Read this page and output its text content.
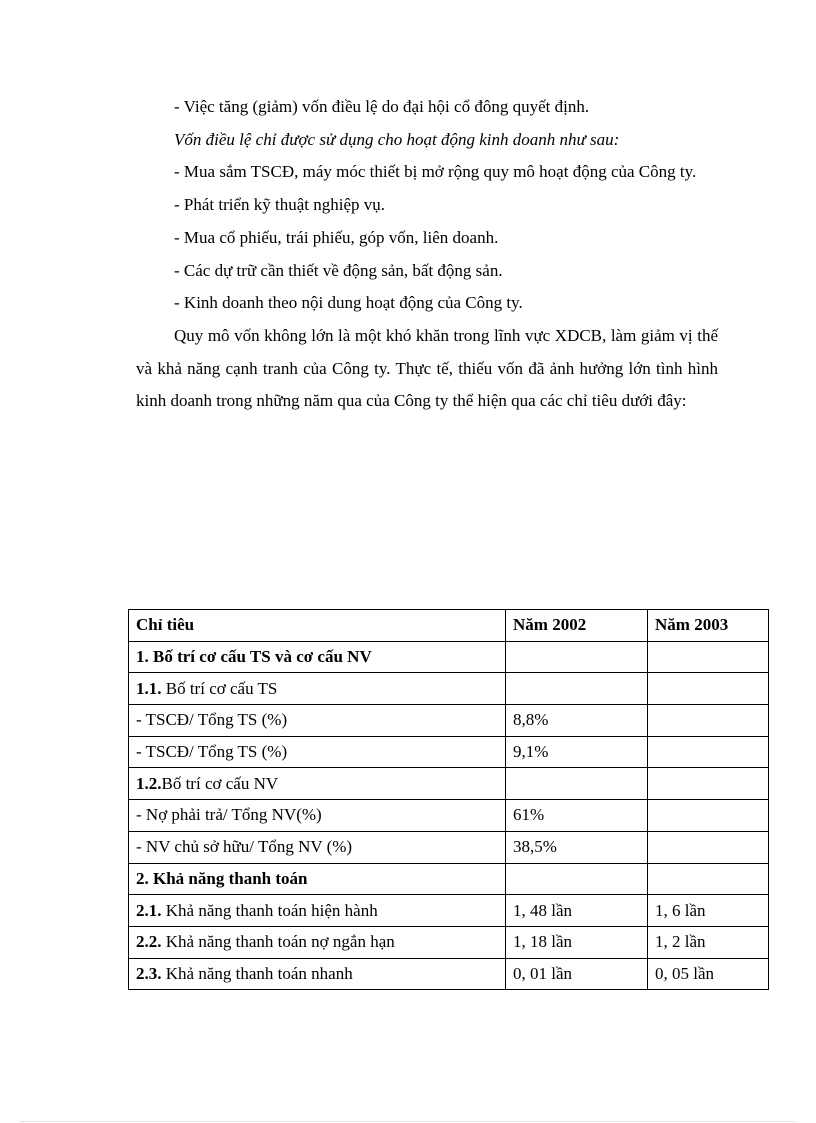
- Việc tăng (giảm) vốn điều lệ do đại hội cổ đông quyết định.

Vốn điều lệ chỉ được sử dụng cho hoạt động kinh doanh như sau:

- Mua sắm TSCĐ, máy móc thiết bị mở rộng quy mô hoạt động của Công ty.

- Phát triển kỹ thuật nghiệp vụ.

- Mua cổ phiếu, trái phiếu, góp vốn, liên doanh.

- Các dự trữ cần thiết về động sản, bất động sản.

- Kinh doanh theo nội dung hoạt động của Công ty.

Quy mô vốn không lớn là một khó khăn trong lĩnh vực XDCB, làm giảm vị thế và khả năng cạnh tranh của Công ty. Thực tế, thiếu vốn đã ảnh hưởng lớn tình hình kinh doanh trong những năm qua của Công ty thể hiện qua các chỉ tiêu dưới đây:

Chỉ tiêu	Năm 2002	Năm 2003
1. Bố trí cơ cấu TS và cơ cấu NV		
1.1. Bố trí cơ cấu TS		
- TSCĐ/ Tổng TS (%)	8,8%	
- TSCĐ/ Tổng TS (%)	9,1%	
1.2.Bố trí cơ cấu NV		
- Nợ phải trả/ Tổng NV(%)	61%	
- NV chủ sở hữu/ Tổng NV (%)	38,5%	
2. Khả năng thanh toán		
2.1. Khả năng thanh toán hiện hành	1, 48 lần	1, 6 lần
2.2. Khả năng thanh toán nợ ngắn hạn	1, 18 lần	1, 2 lần
2.3. Khả năng thanh toán nhanh	0, 01 lần	0, 05 lần
